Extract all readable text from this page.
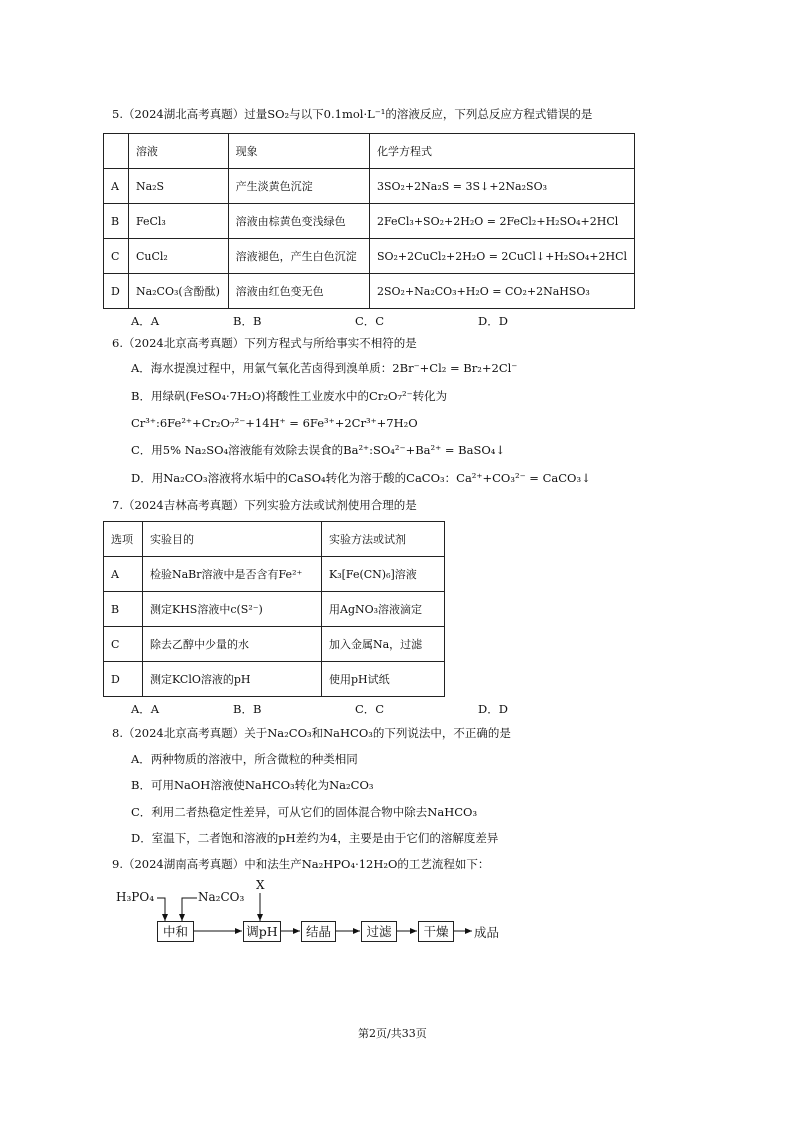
5.（2024湖北高考真题）过量SO₂与以下0.1mol·L⁻¹的溶液反应，下列总反应方程式错误的是
	溶液	现象	化学方程式
A	Na₂S	产生淡黄色沉淀	3SO₂+2Na₂S = 3S↓+2Na₂SO₃
B	FeCl₃	溶液由棕黄色变浅绿色	2FeCl₃+SO₂+2H₂O = 2FeCl₂+H₂SO₄+2HCl
C	CuCl₂	溶液褪色，产生白色沉淀	SO₂+2CuCl₂+2H₂O = 2CuCl↓+H₂SO₄+2HCl
D	Na₂CO₃(含酚酞)	溶液由红色变无色	2SO₂+Na₂CO₃+H₂O = CO₂+2NaHSO₃
A．A	B．B	C．C	D．D
6.（2024北京高考真题）下列方程式与所给事实不相符的是
A．海水提溴过程中，用氯气氧化苦卤得到溴单质：2Br⁻+Cl₂ = Br₂+2Cl⁻
B．用绿矾(FeSO₄·7H₂O)将酸性工业废水中的Cr₂O₇²⁻转化为
Cr³⁺:6Fe²⁺+Cr₂O₇²⁻+14H⁺ = 6Fe³⁺+2Cr³⁺+7H₂O
C．用5% Na₂SO₄溶液能有效除去误食的Ba²⁺:SO₄²⁻+Ba²⁺ = BaSO₄↓
D．用Na₂CO₃溶液将水垢中的CaSO₄转化为溶于酸的CaCO₃：Ca²⁺+CO₃²⁻ = CaCO₃↓
7.（2024吉林高考真题）下列实验方法或试剂使用合理的是
选项	实验目的	实验方法或试剂
A	检验NaBr溶液中是否含有Fe²⁺	K₃[Fe(CN)₆]溶液
B	测定KHS溶液中c(S²⁻)	用AgNO₃溶液滴定
C	除去乙醇中少量的水	加入金属Na，过滤
D	测定KClO溶液的pH	使用pH试纸
A．A	B．B	C．C	D．D
8.（2024北京高考真题）关于Na₂CO₃和NaHCO₃的下列说法中，不正确的是
A．两种物质的溶液中，所含微粒的种类相同
B．可用NaOH溶液使NaHCO₃转化为Na₂CO₃
C．利用二者热稳定性差异，可从它们的固体混合物中除去NaHCO₃
D．室温下，二者饱和溶液的pH差约为4，主要是由于它们的溶解度差异
9.（2024湖南高考真题）中和法生产Na₂HPO₄·12H₂O的工艺流程如下：
H₃PO₄	Na₂CO₃
X
中和	调pH	结晶	过滤	干燥	成品
第2页/共33页
